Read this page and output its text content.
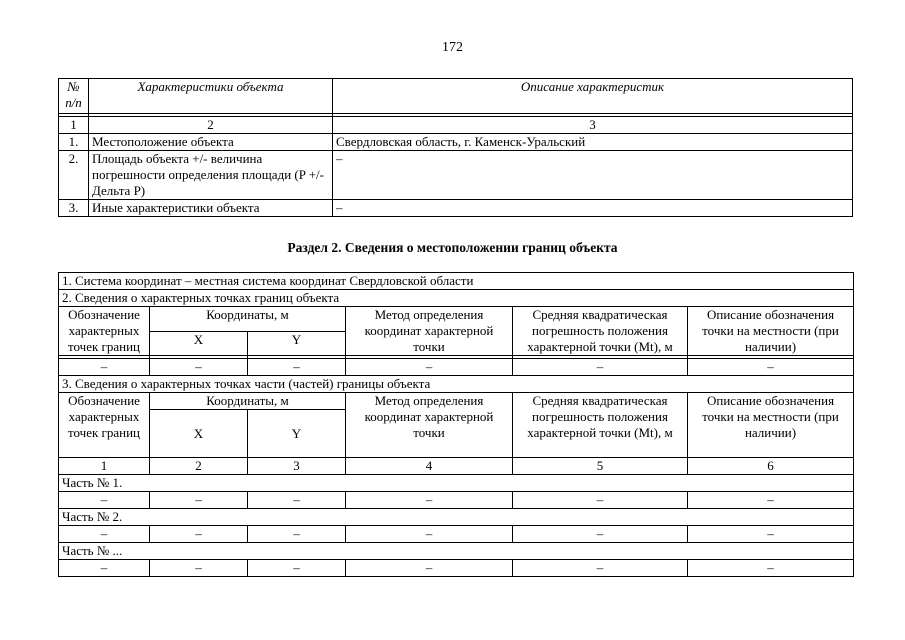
172
№ п/п	Характеристики объекта	Описание характеристик

1	2	3
1.	Местоположение объекта	Свердловская область, г. Каменск-Уральский
2.	Площадь объекта +/- величина погрешности определения площади (P +/- Дельта P)	–
3.	Иные характеристики объекта	–
Раздел 2. Сведения о местоположении границ объекта
1. Система координат – местная система координат Свердловской области					
2. Сведения о характерных точках границ объекта					
Обозначение характерных точек границ	Координаты, м		Метод определения координат характерной точки	Средняя квадратическая погрешность положения характерной точки (Mt), м	Описание обозначения точки на местности (при наличии)
	X	Y			

–	–	–	–	–	–
3. Сведения о характерных точках части (частей) границы объекта					
Обозначение характерных точек границ	Координаты, м		Метод определения координат характерной точки	Средняя квадратическая погрешность положения характерной точки (Mt), м	Описание обозначения точки на местности (при наличии)
	X	Y			
1	2	3	4	5	6
Часть № 1.					
–	–	–	–	–	–
Часть № 2.					
–	–	–	–	–	–
Часть № ...					
–	–	–	–	–	–
